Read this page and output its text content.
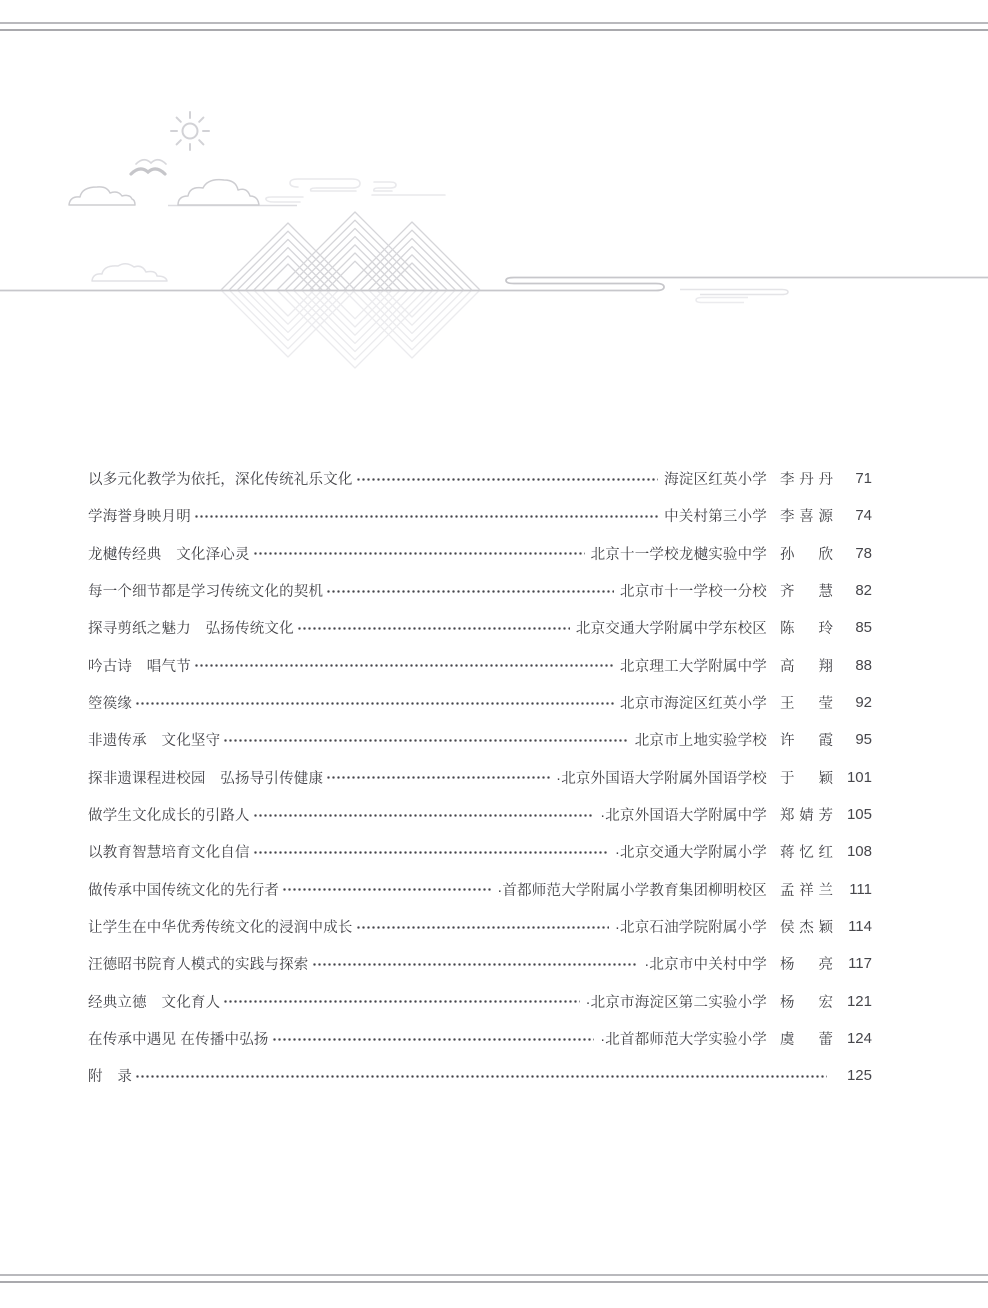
以多元化教学为依托，深化传统礼乐文化	海淀区红英小学 李丹丹	71
学海誉身映月明	中关村第三小学 李喜源	74
龙樾传经典　文化泽心灵	北京十一学校龙樾实验中学 孙　欣	78
每一个细节都是学习传统文化的契机	北京市十一学校一分校 齐　慧	82
探寻剪纸之魅力　弘扬传统文化	北京交通大学附属中学东校区 陈　玲	85
吟古诗　唱气节	北京理工大学附属中学 高　翔	88
箜篌缘	北京市海淀区红英小学 王　莹	92
非遗传承　文化坚守	北京市上地实验学校 许　霞	95
探非遗课程进校园　弘扬导引传健康	·北京外国语大学附属外国语学校 于　颖 101
做学生文化成长的引路人	·北京外国语大学附属中学 郑婧芳 105
以教育智慧培育文化自信	·北京交通大学附属小学 蒋忆红 108
做传承中国传统文化的先行者	·首都师范大学附属小学教育集团柳明校区 孟祥兰 111
让学生在中华优秀传统文化的浸润中成长	·北京石油学院附属小学 侯杰颖 114
汪德昭书院育人模式的实践与探索	·北京市中关村中学 杨　亮 117
经典立德　文化育人	·北京市海淀区第二实验小学 杨　宏 121
在传承中遇见 在传播中弘扬	·北首都师范大学实验小学 虞　蕾 124
附　录	125
